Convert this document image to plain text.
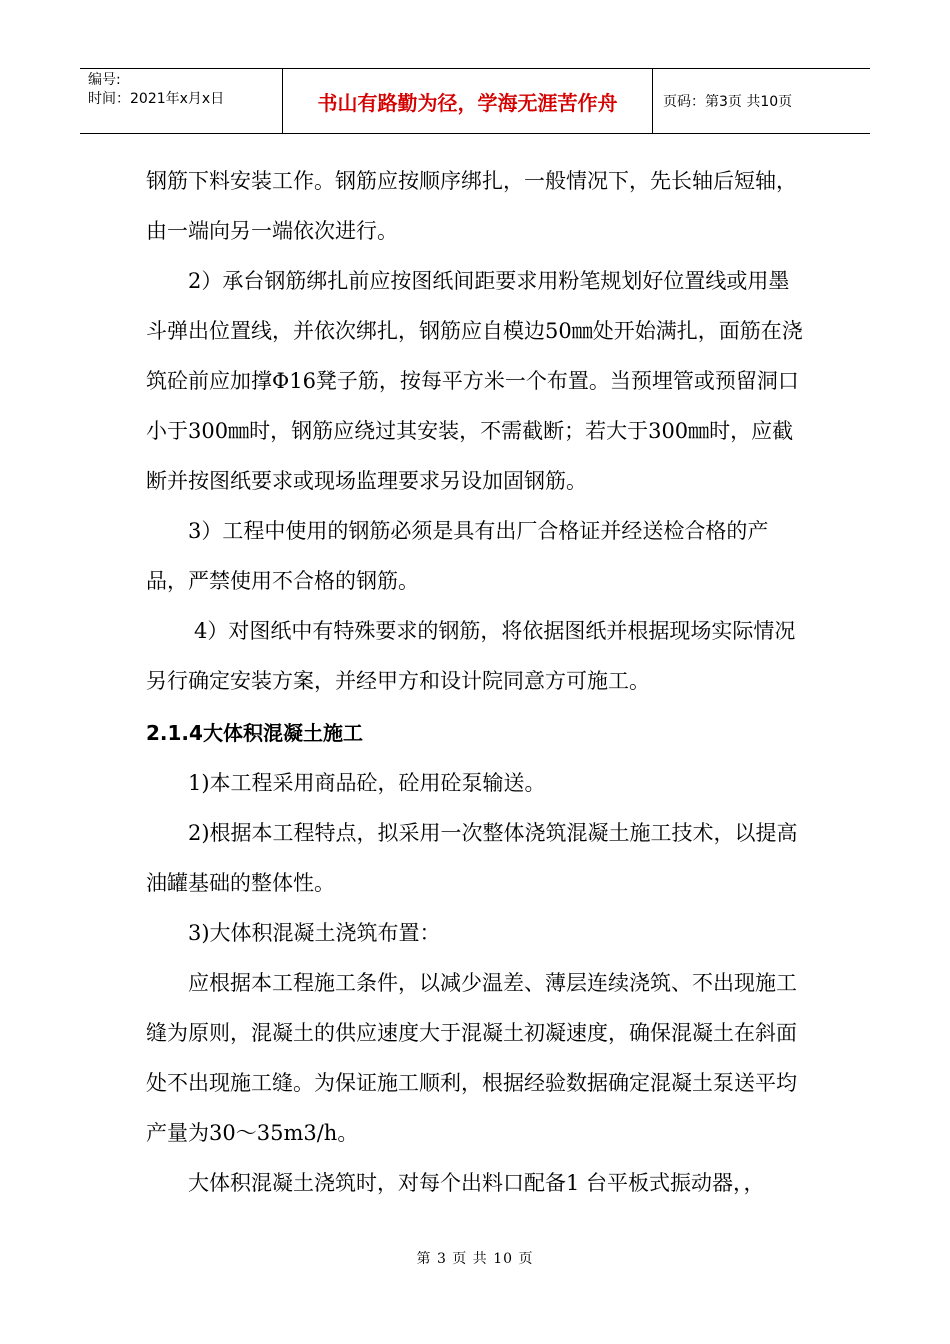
编号:
时间：2021年x月x日	书山有路勤为径，学海无涯苦作舟	页码：第3页 共10页

钢筋下料安装工作。钢筋应按顺序绑扎，一般情况下，先长轴后短轴，由一端向另一端依次进行。

2）承台钢筋绑扎前应按图纸间距要求用粉笔规划好位置线或用墨斗弹出位置线，并依次绑扎，钢筋应自模边50㎜处开始满扎，面筋在浇筑砼前应加撑Φ16凳子筋，按每平方米一个布置。当预埋管或预留洞口小于300㎜时，钢筋应绕过其安装，不需截断；若大于300㎜时，应截断并按图纸要求或现场监理要求另设加固钢筋。

3）工程中使用的钢筋必须是具有出厂合格证并经送检合格的产品，严禁使用不合格的钢筋。

4）对图纸中有特殊要求的钢筋，将依据图纸并根据现场实际情况另行确定安装方案，并经甲方和设计院同意方可施工。

2.1.4大体积混凝土施工

1)本工程采用商品砼，砼用砼泵输送。

2)根据本工程特点，拟采用一次整体浇筑混凝土施工技术，以提高油罐基础的整体性。

3)大体积混凝土浇筑布置：

应根据本工程施工条件，以减少温差、薄层连续浇筑、不出现施工缝为原则，混凝土的供应速度大于混凝土初凝速度，确保混凝土在斜面处不出现施工缝。为保证施工顺利，根据经验数据确定混凝土泵送平均产量为30～35m3/h。

大体积混凝土浇筑时，对每个出料口配备1 台平板式振动器，，

第 3 页 共 10 页
